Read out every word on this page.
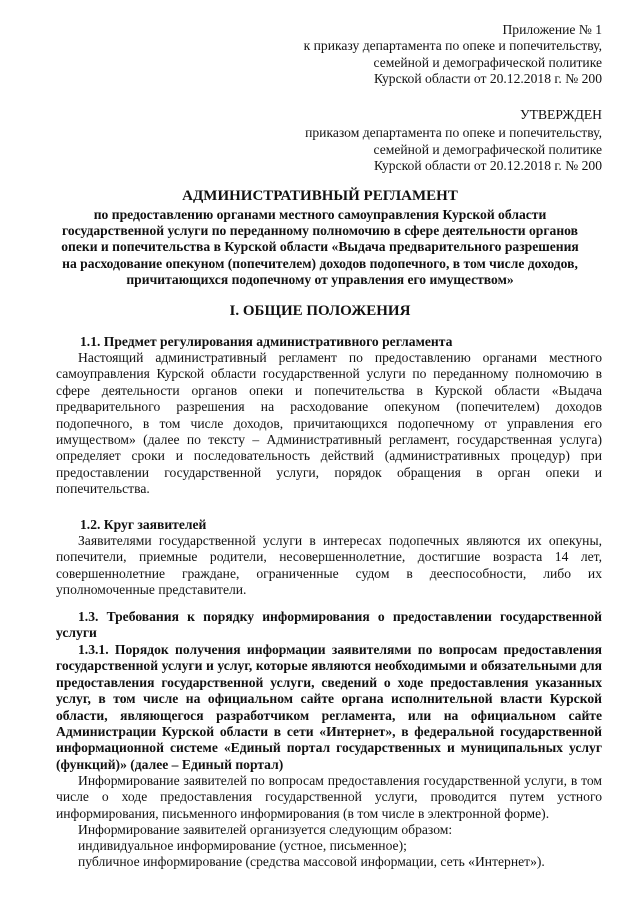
Приложение № 1
к приказу департамента по опеке и попечительству,
семейной и демографической политике
Курской области от 20.12.2018 г. № 200
УТВЕРЖДЕН
приказом департамента по опеке и попечительству,
семейной и демографической политике
Курской области от 20.12.2018 г. № 200
АДМИНИСТРАТИВНЫЙ РЕГЛАМЕНТ
по предоставлению органами местного самоуправления Курской области государственной услуги по переданному полномочию в сфере деятельности органов опеки и попечительства в Курской области «Выдача предварительного разрешения на расходование опекуном (попечителем) доходов подопечного, в том числе доходов, причитающихся подопечному от управления его имуществом»
I. ОБЩИЕ ПОЛОЖЕНИЯ
1.1. Предмет регулирования административного регламента
Настоящий административный регламент по предоставлению органами местного самоуправления Курской области государственной услуги по переданному полномочию в сфере деятельности органов опеки и попечительства в Курской области «Выдача предварительного разрешения на расходование опекуном (попечителем) доходов подопечного, в том числе доходов, причитающихся подопечному от управления его имуществом» (далее по тексту – Административный регламент, государственная услуга) определяет сроки и последовательность действий (административных процедур) при предоставлении государственной услуги, порядок обращения в орган опеки и попечительства.
1.2. Круг заявителей
Заявителями государственной услуги в интересах подопечных являются их опекуны, попечители, приемные родители, несовершеннолетние, достигшие возраста 14 лет, совершеннолетние граждане, ограниченные судом в дееспособности, либо их уполномоченные представители.
1.3. Требования к порядку информирования о предоставлении государственной услуги
1.3.1. Порядок получения информации заявителями по вопросам предоставления государственной услуги и услуг, которые являются необходимыми и обязательными для предоставления государственной услуги, сведений о ходе предоставления указанных услуг, в том числе на официальном сайте органа исполнительной власти Курской области, являющегося разработчиком регламента, или на официальном сайте Администрации Курской области в сети «Интернет», в федеральной государственной информационной системе «Единый портал государственных и муниципальных услуг (функций)» (далее – Единый портал)
Информирование заявителей по вопросам предоставления государственной услуги, в том числе о ходе предоставления государственной услуги, проводится путем устного информирования, письменного информирования (в том числе в электронной форме).
Информирование заявителей организуется следующим образом:
индивидуальное информирование (устное, письменное);
публичное информирование (средства массовой информации, сеть «Интернет»).
